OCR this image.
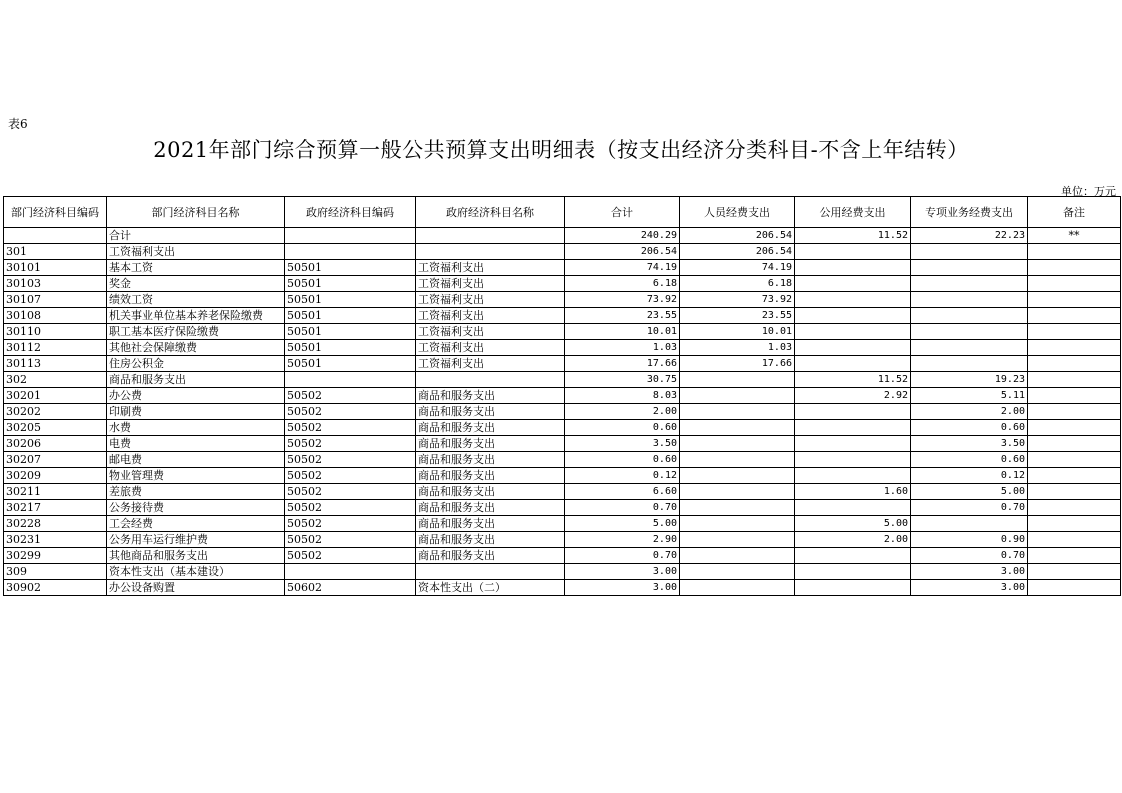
表6
2021年部门综合预算一般公共预算支出明细表（按支出经济分类科目-不含上年结转）
单位：万元
部门经济科目编码	部门经济科目名称	政府经济科目编码	政府经济科目名称	合计	人员经费支出	公用经费支出	专项业务经费支出	备注
	合计			240.29	206.54	11.52	22.23	**
301	工资福利支出			206.54	206.54			
30101	基本工资	50501	工资福利支出	74.19	74.19			
30103	奖金	50501	工资福利支出	6.18	6.18			
30107	绩效工资	50501	工资福利支出	73.92	73.92			
30108	机关事业单位基本养老保险缴费	50501	工资福利支出	23.55	23.55			
30110	职工基本医疗保险缴费	50501	工资福利支出	10.01	10.01			
30112	其他社会保障缴费	50501	工资福利支出	1.03	1.03			
30113	住房公积金	50501	工资福利支出	17.66	17.66			
302	商品和服务支出			30.75		11.52	19.23	
30201	办公费	50502	商品和服务支出	8.03		2.92	5.11	
30202	印刷费	50502	商品和服务支出	2.00			2.00	
30205	水费	50502	商品和服务支出	0.60			0.60	
30206	电费	50502	商品和服务支出	3.50			3.50	
30207	邮电费	50502	商品和服务支出	0.60			0.60	
30209	物业管理费	50502	商品和服务支出	0.12			0.12	
30211	差旅费	50502	商品和服务支出	6.60		1.60	5.00	
30217	公务接待费	50502	商品和服务支出	0.70			0.70	
30228	工会经费	50502	商品和服务支出	5.00		5.00		
30231	公务用车运行维护费	50502	商品和服务支出	2.90		2.00	0.90	
30299	其他商品和服务支出	50502	商品和服务支出	0.70			0.70	
309	资本性支出（基本建设）			3.00			3.00	
30902	办公设备购置	50602	资本性支出（二）	3.00			3.00	
